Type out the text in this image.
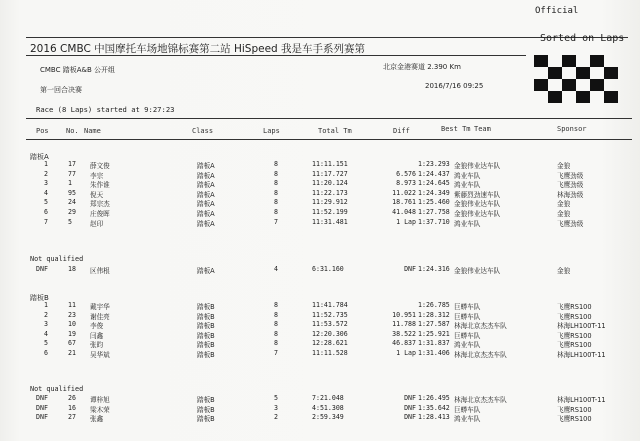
Official
2016 CMBC 中国摩托车场地锦标赛第二站 HiSpeed 我是车手系列赛第
Sorted on Laps
CMBC 踏板A&B 公开组	北京金港赛道 2.390 Km
第一回合决赛	2016/7/16 09:25
Race (8 Laps) started at 9:27:23
Pos No. Name	Class	Laps	Total Tm	Diff	Best Tm Team	Sponsor
踏板A
1	17 薛文俊	踏板A	8	11:11.151	1:23.293 金狼伟业达车队	金狼
2	77 李宗	踏板A	8	11:17.727	6.576 1:24.437 鸿业车队	飞鹰劲级
3	1	朱作谁	踏板A	8	11:20.124	8.973 1:24.645 鸿业车队	飞鹰劲级
4	95 倪天	踏板A	8	11:22.173	11.022 1:24.349 紫藤烈劲速车队	林海劲级
5	24 郑宗杰	踏板A	8	11:29.912	18.761 1:25.460 金狼伟业达车队	金狼
6	29 庄俊晖	踏板A	8	11:52.199	41.048 1:27.758 金狼伟业达车队	金狼
7	5	赵印	踏板A	7	11:31.481	1 Lap 1:37.710 鸿业车队	飞鹰劲级
Not qualified
DNF	18 区伟根	踏板A	4	6:31.160	DNF 1:24.316 金狼伟业达车队	金狼
踏板B
1	11 戴宇华	踏板B	8	11:41.784	1:26.785 巨蟒车队	飞鹰RS100
2	23 谢佳亮	踏板B	8	11:52.735	10.951 1:28.312 巨蟒车队	飞鹰RS100
3	10 李俊	踏板B	8	11:53.572	11.788 1:27.587 林海北京杰杰车队	林海LH100T-11
4	19 闫鑫	踏板B	8	12:20.306	38.522 1:25.921 巨蟒车队	飞鹰RS100
5	67 张昀	踏板B	8	12:28.621	46.837 1:31.837 鸿业车队	飞鹰RS100
6	21 吴华斌	踏板B	7	11:11.528	1 Lap 1:31.406 林海北京杰杰车队	林海LH100T-11
Not qualified
DNF	26 谭梓旭	踏板B	5	7:21.048	DNF 1:26.495 林海北京杰杰车队	林海LH100T-11
DNF	16 梁木荣	踏板B	3	4:51.308	DNF 1:35.642 巨蟒车队	飞鹰RS100
DNF	27 张鑫	踏板B	2	2:59.349	DNF 1:28.413 鸿业车队	飞鹰RS100
